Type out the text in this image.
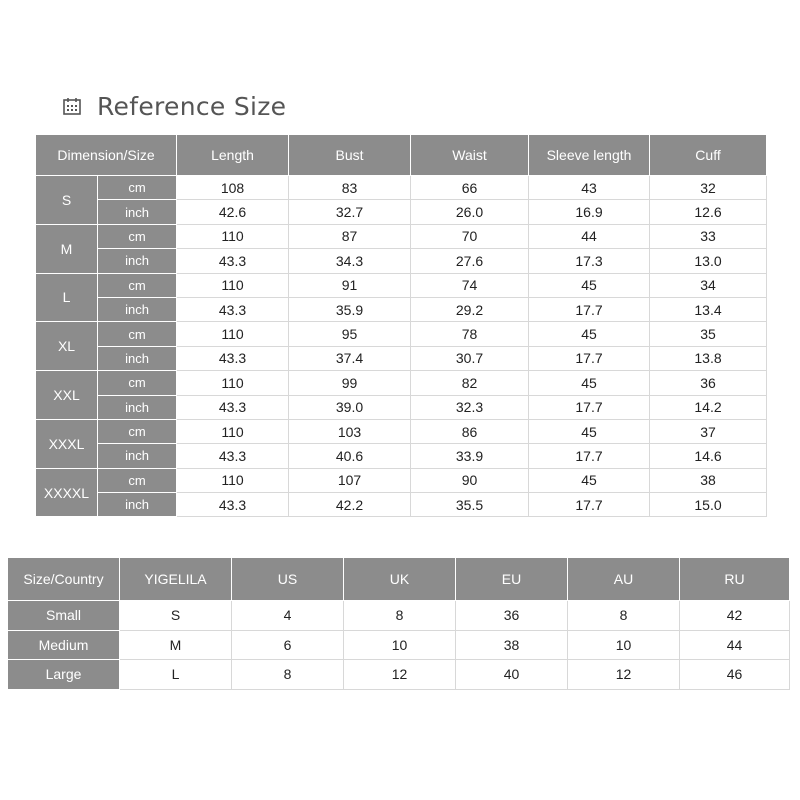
Reference Size
Dimension/Size		Length	Bust	Waist	Sleeve length	Cuff
S	cm	108	83	66	43	32
	inch	42.6	32.7	26.0	16.9	12.6
M	cm	110	87	70	44	33
	inch	43.3	34.3	27.6	17.3	13.0
L	cm	110	91	74	45	34
	inch	43.3	35.9	29.2	17.7	13.4
XL	cm	110	95	78	45	35
	inch	43.3	37.4	30.7	17.7	13.8
XXL	cm	110	99	82	45	36
	inch	43.3	39.0	32.3	17.7	14.2
XXXL	cm	110	103	86	45	37
	inch	43.3	40.6	33.9	17.7	14.6
XXXXL	cm	110	107	90	45	38
	inch	43.3	42.2	35.5	17.7	15.0
Size/Country	YIGELILA	US	UK	EU	AU	RU
Small	S	4	8	36	8	42
Medium	M	6	10	38	10	44
Large	L	8	12	40	12	46
